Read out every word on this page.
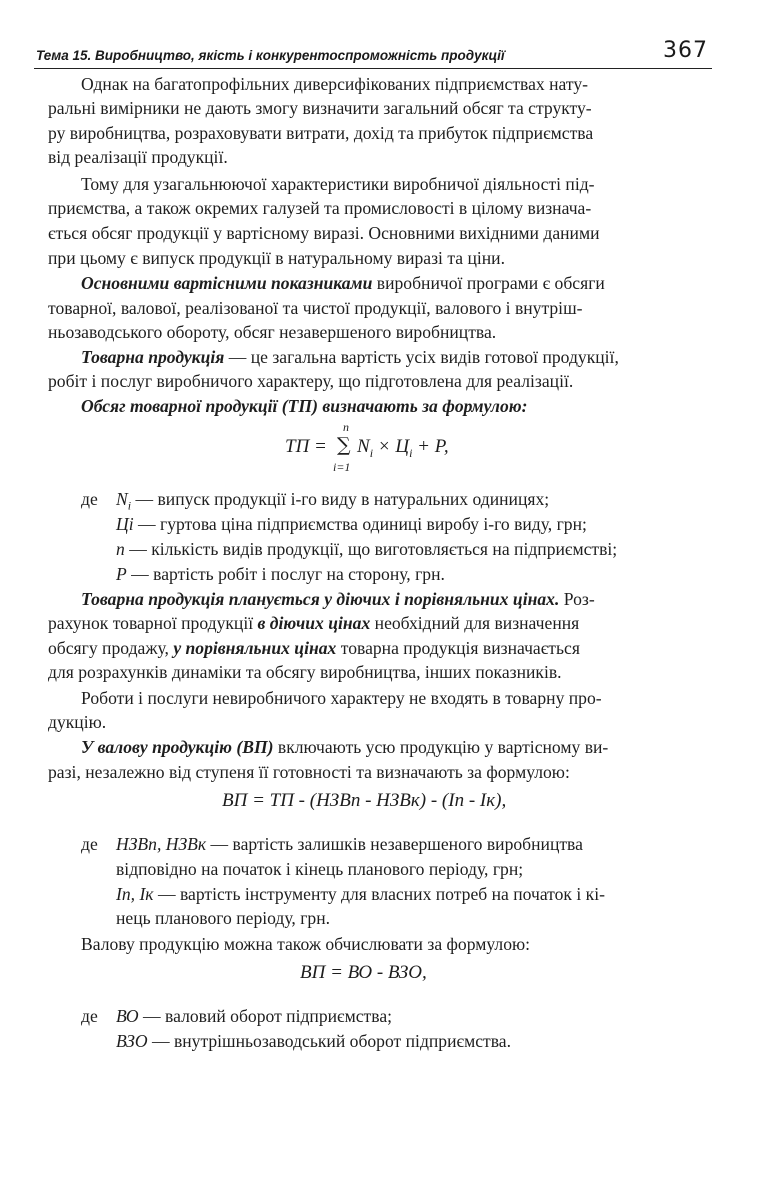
Тема 15. Виробництво, якість і конкурентоспроможність продукції	367
Однак на багатопрофільних диверсифікованих підприємствах нату-
ральні вимірники не дають змогу визначити загальний обсяг та структу-
ру виробництва, розраховувати витрати, дохід та прибуток підприємства
від реалізації продукції.
Тому для узагальнюючої характеристики виробничої діяльності під-
приємства, а також окремих галузей та промисловості в цілому визнача-
ється обсяг продукції у вартісному виразі. Основними вихідними даними
при цьому є випуск продукції в натуральному виразі та ціни.
Основними вартісними показниками виробничої програми є обсяги
товарної, валової, реалізованої та чистої продукції, валового і внутріш-
ньозаводського обороту, обсяг незавершеного виробництва.
Товарна продукція — це загальна вартість усіх видів готової продукції,
робіт і послуг виробничого характеру, що підготовлена для реалізації.
Обсяг товарної продукції (ТП) визначають за формулою:
ТП =
n
∑
i=1
$N_i \times Ц_i + P$,
де	$N_i$ — випуск продукції i-го виду в натуральних одиницях;
Цi — гуртова ціна підприємства одиниці виробу i-го виду, грн;
n — кількість видів продукції, що виготовляється на підприємстві;
P — вартість робіт і послуг на сторону, грн.
Товарна продукція планується у діючих і порівняльних цінах. Роз-
рахунок товарної продукції в діючих цінах необхідний для визначення
обсягу продажу, у порівняльних цінах товарна продукція визначається
для розрахунків динаміки та обсягу виробництва, інших показників.
Роботи і послуги невиробничого характеру не входять в товарну про-
дукцію.
У валову продукцію (ВП) включають усю продукцію у вартісному ви-
разі, незалежно від ступеня її готовності та визначають за формулою:
ВП = ТП - (НЗВп - НЗВк) - (Iп - Iк),
де	НЗВп, НЗВк — вартість залишків незавершеного виробництва
відповідно на початок і кінець планового періоду, грн;
Iп, Iк — вартість інструменту для власних потреб на початок і кі-
нець планового періоду, грн.
Валову продукцію можна також обчислювати за формулою:
ВП = ВО - ВЗО,
де	ВО — валовий оборот підприємства;
ВЗО — внутрішньозаводський оборот підприємства.
